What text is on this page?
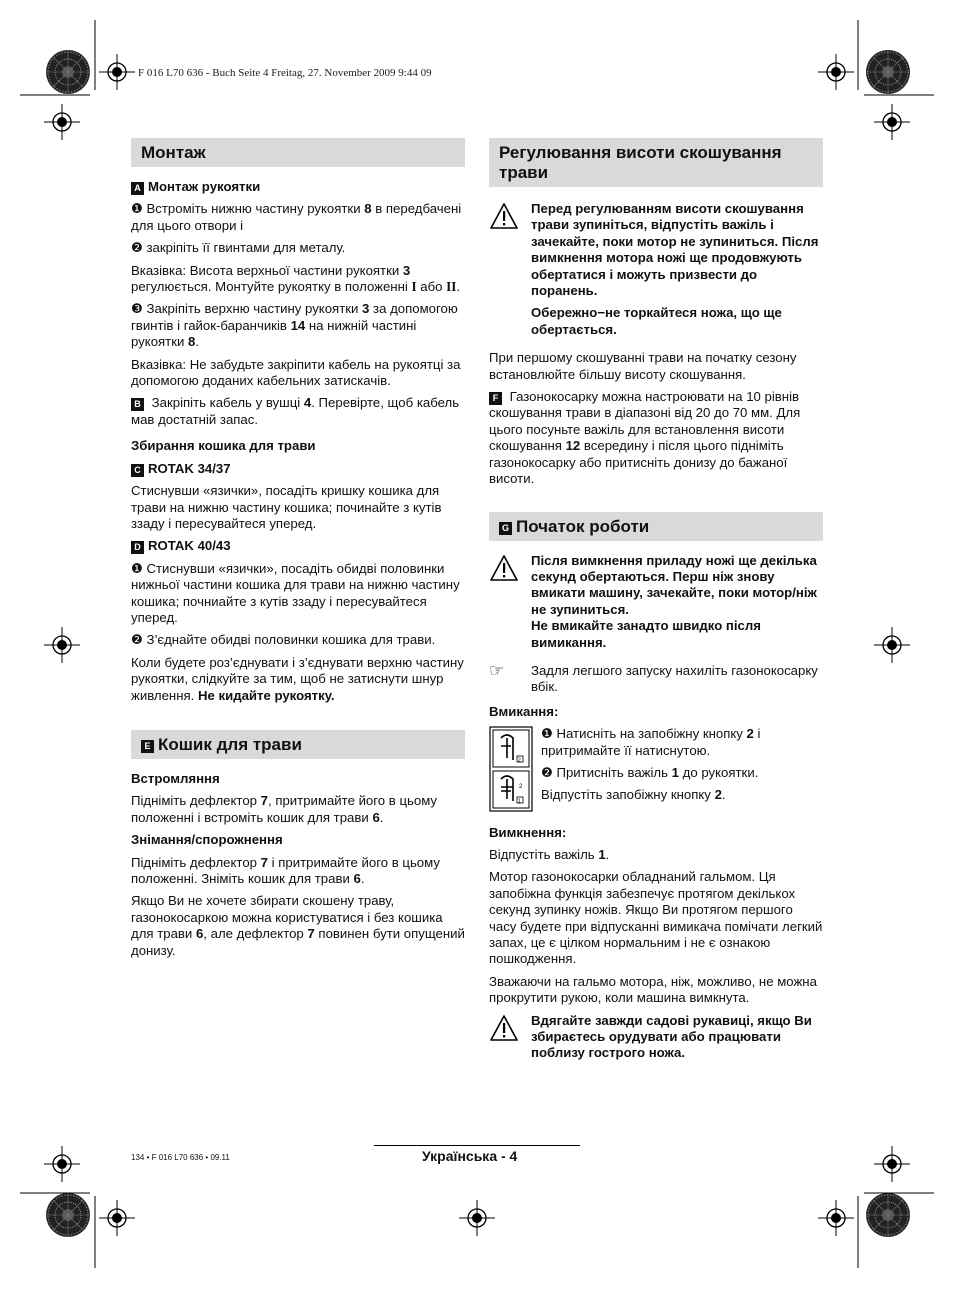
F 016 L70 636 - Buch Seite 4 Freitag, 27. November 2009 9:44 09
Монтаж

A Монтаж рукоятки

❶ Встроміть нижню частину рукоятки 8 в передбачені для цього отвори і

❷ закріпіть її гвинтами для металу.

Вказівка: Висота верхньої частини рукоятки 3 регулюється. Монтуйте рукоятку в положенні I або II.

❸ Закріпіть верхню частину рукоятки 3 за допомогою гвинтів і гайок-баранчиків 14 на нижній частині рукоятки 8.

Вказівка: Не забудьте закріпити кабель на рукоятці за допомогою доданих кабельних затискачів.

B Закріпіть кабель у вушці 4. Перевірте, щоб кабель мав достатній запас.

Збирання кошика для трави

C ROTAK 34/37

Стиснувши «язички», посадіть кришку кошика для трави на нижню частину кошика; починайте з кутів ззаду і пересувайтеся уперед.

D ROTAK 40/43

❶ Стиснувши «язички», посадіть обидві половинки нижньої частини кошика для трави на нижню частину кошика; почниайте з кутів ззаду і пересувайтеся уперед.

❷ З’єднайте обидві половинки кошика для трави.

Коли будете роз’єднувати і з’єднувати верхню частину рукоятки, слідкуйте за тим, щоб не затиснути шнур живлення. Не кидайте рукоятку.

E Кошик для трави

Встромляння

Підніміть дефлектор 7, притримайте його в цьому положенні і встроміть кошик для трави 6.

Знімання/спорожнення

Підніміть дефлектор 7 і притримайте його в цьому положенні. Зніміть кошик для трави 6.

Якщо Ви не хочете збирати скошену траву, газонокосаркою можна користуватися і без кошика для трави 6, але дефлектор 7 повинен бути опущений донизу.

Регулювання висоти скошування трави

Перед регулюванням висоти скошування трави зупиніться, відпустіть важіль і зачекайте, поки мотор не зупиниться. Після вимкнення мотора ножі ще продовжують обертатися і можуть призвести до поранень.

Обережно−не торкайтеся ножа, що ще обертається.

При першому скошуванні трави на початку сезону встановлюйте більшу висоту скошування.

F Газонокосарку можна настроювати на 10 рівнів скошування трави в діапазоні від 20 до 70 мм. Для цього посуньте важіль для встановлення висоти скошування 12 всередину і після цього підніміть газонокосарку або притисніть донизу до бажаної висоти.

G Початок роботи

Після вимкнення приладу ножі ще декілька секунд обертаються. Перш ніж знову вмикати машину, зачекайте, поки мотор/ніж не зупиниться.

Не вмикайте занадто швидко після вимикання.

☞	Задля легшого запуску нахиліть газонокосарку вбік.

Вмикання:

2
2
1

❶ Натисніть на запобіжну кнопку 2 і притримайте її натиснутою.

❷ Притисніть важіль 1 до рукоятки.

Відпустіть запобіжну кнопку 2.

Вимкнення:

Відпустіть важіль 1.

Мотор газонокосарки обладнаний гальмом. Ця запобіжна функція забезпечує протягом декількох секунд зупинку ножів. Якщо Ви протягом першого часу будете при відпусканні вимикача помічати легкий запах, це є цілком нормальним і не є ознакою пошкодження.

Зважаючи на гальмо мотора, ніж, можливо, не можна прокрутити рукою, коли машина вимкнута.

Вдягайте завжди садові рукавиці, якщо Ви збираєтесь орудувати або працювати поблизу гострого ножа.

134 • F 016 L70 636 • 09.11	Українська - 4
